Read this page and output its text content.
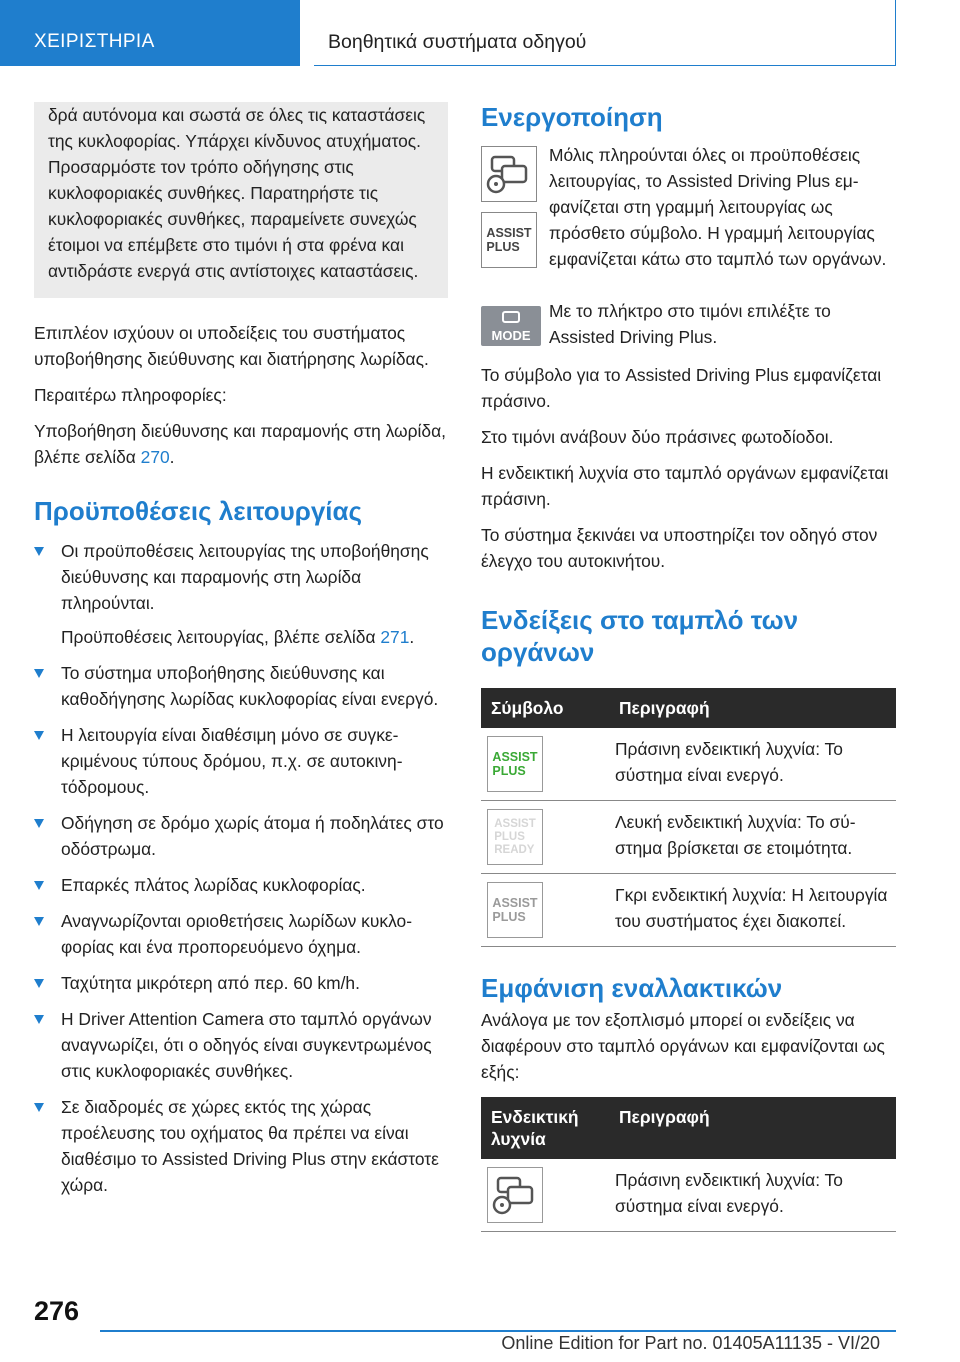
ΧΕΙΡΙΣΤΗΡΙΑ	Βοηθητικά συστήματα οδηγού

δρά αυτόνομα και σωστά σε όλες τις καταστάσεις της κυκλοφορίας. Υπάρχει κίνδυνος ατυχήματος. Προσαρμόστε τον τρόπο οδήγησης στις κυκλοφοριακές συνθήκες. Παρατηρήστε τις κυκλοφοριακές συνθήκες, παραμείνετε συνεχώς έτοιμοι να επέμβετε στο τιμόνι ή στα φρένα και αντιδράστε ενεργά στις αντίστοιχες καταστάσεις.

Επιπλέον ισχύουν οι υποδείξεις του συστήματος υποβοήθησης διεύθυνσης και διατήρησης λωρίδας.

Περαιτέρω πληροφορίες:

Υποβοήθηση διεύθυνσης και παραμονής στη λωρίδα, βλέπε σελίδα 270.

Προϋποθέσεις λειτουργίας
Οι προϋποθέσεις λειτουργίας της υποβοήθησης διεύθυνσης και παραμονής στη λωρίδα πληρούνται.
Προϋποθέσεις λειτουργίας, βλέπε σελίδα 271.
Το σύστημα υποβοήθησης διεύθυνσης και καθοδήγησης λωρίδας κυκλοφορίας είναι ενεργό.
Η λειτουργία είναι διαθέσιμη μόνο σε συγκεκριμένους τύπους δρόμου, π.χ. σε αυτοκινητόδρομους.
Οδήγηση σε δρόμο χωρίς άτομα ή ποδηλάτες στο οδόστρωμα.
Επαρκές πλάτος λωρίδας κυκλοφορίας.
Αναγνωρίζονται οριοθετήσεις λωρίδων κυκλοφορίας και ένα προπορευόμενο όχημα.
Ταχύτητα μικρότερη από περ. 60 km/h.
Η Driver Attention Camera στο ταμπλό οργάνων αναγνωρίζει, ότι ο οδηγός είναι συγκεντρωμένος στις κυκλοφοριακές συνθήκες.
Σε διαδρομές σε χώρες εκτός της χώρας προέλευσης του οχήματος θα πρέπει να είναι διαθέσιμο το Assisted Driving Plus στην εκάστοτε χώρα.
Ενεργοποίηση
ASSIST
PLUS

Μόλις πληρούνται όλες οι προϋποθέσεις λειτουργίας, το Assisted Driving Plus εμφανίζεται στη γραμμή λειτουργίας ως πρόσθετο σύμβολο. Η γραμμή λειτουργίας εμφανίζεται κάτω στο ταμπλό των οργάνων.

MODE

Με το πλήκτρο στο τιμόνι επιλέξτε το Assisted Driving Plus.

Το σύμβολο για το Assisted Driving Plus εμφανίζεται πράσινο.

Στο τιμόνι ανάβουν δύο πράσινες φωτοδίοδοι.

Η ενδεικτική λυχνία στο ταμπλό οργάνων εμφανίζεται πράσινη.

Το σύστημα ξεκινάει να υποστηρίζει τον οδηγό στον έλεγχο του αυτοκινήτου.

Ενδείξεις στο ταμπλό των οργάνων
Σύμβολο	Περιγραφή

ASSIST
PLUS	Πράσινη ενδεικτική λυχνία: Το σύστημα είναι ενεργό.

ASSIST
PLUS
READY	Λευκή ενδεικτική λυχνία: Το σύστημα βρίσκεται σε ετοιμότητα.

ASSIST
PLUS	Γκρι ενδεικτική λυχνία: Η λειτουργία του συστήματος έχει διακοπεί.
Εμφάνιση εναλλακτικών

Ανάλογα με τον εξοπλισμό μπορεί οι ενδείξεις να διαφέρουν στο ταμπλό οργάνων και εμφανίζονται ως εξής:

Ενδεικτική λυχνία	Περιγραφή

	Πράσινη ενδεικτική λυχνία: Το σύστημα είναι ενεργό.
276
Online Edition for Part no. 01405A11135 - VI/20
